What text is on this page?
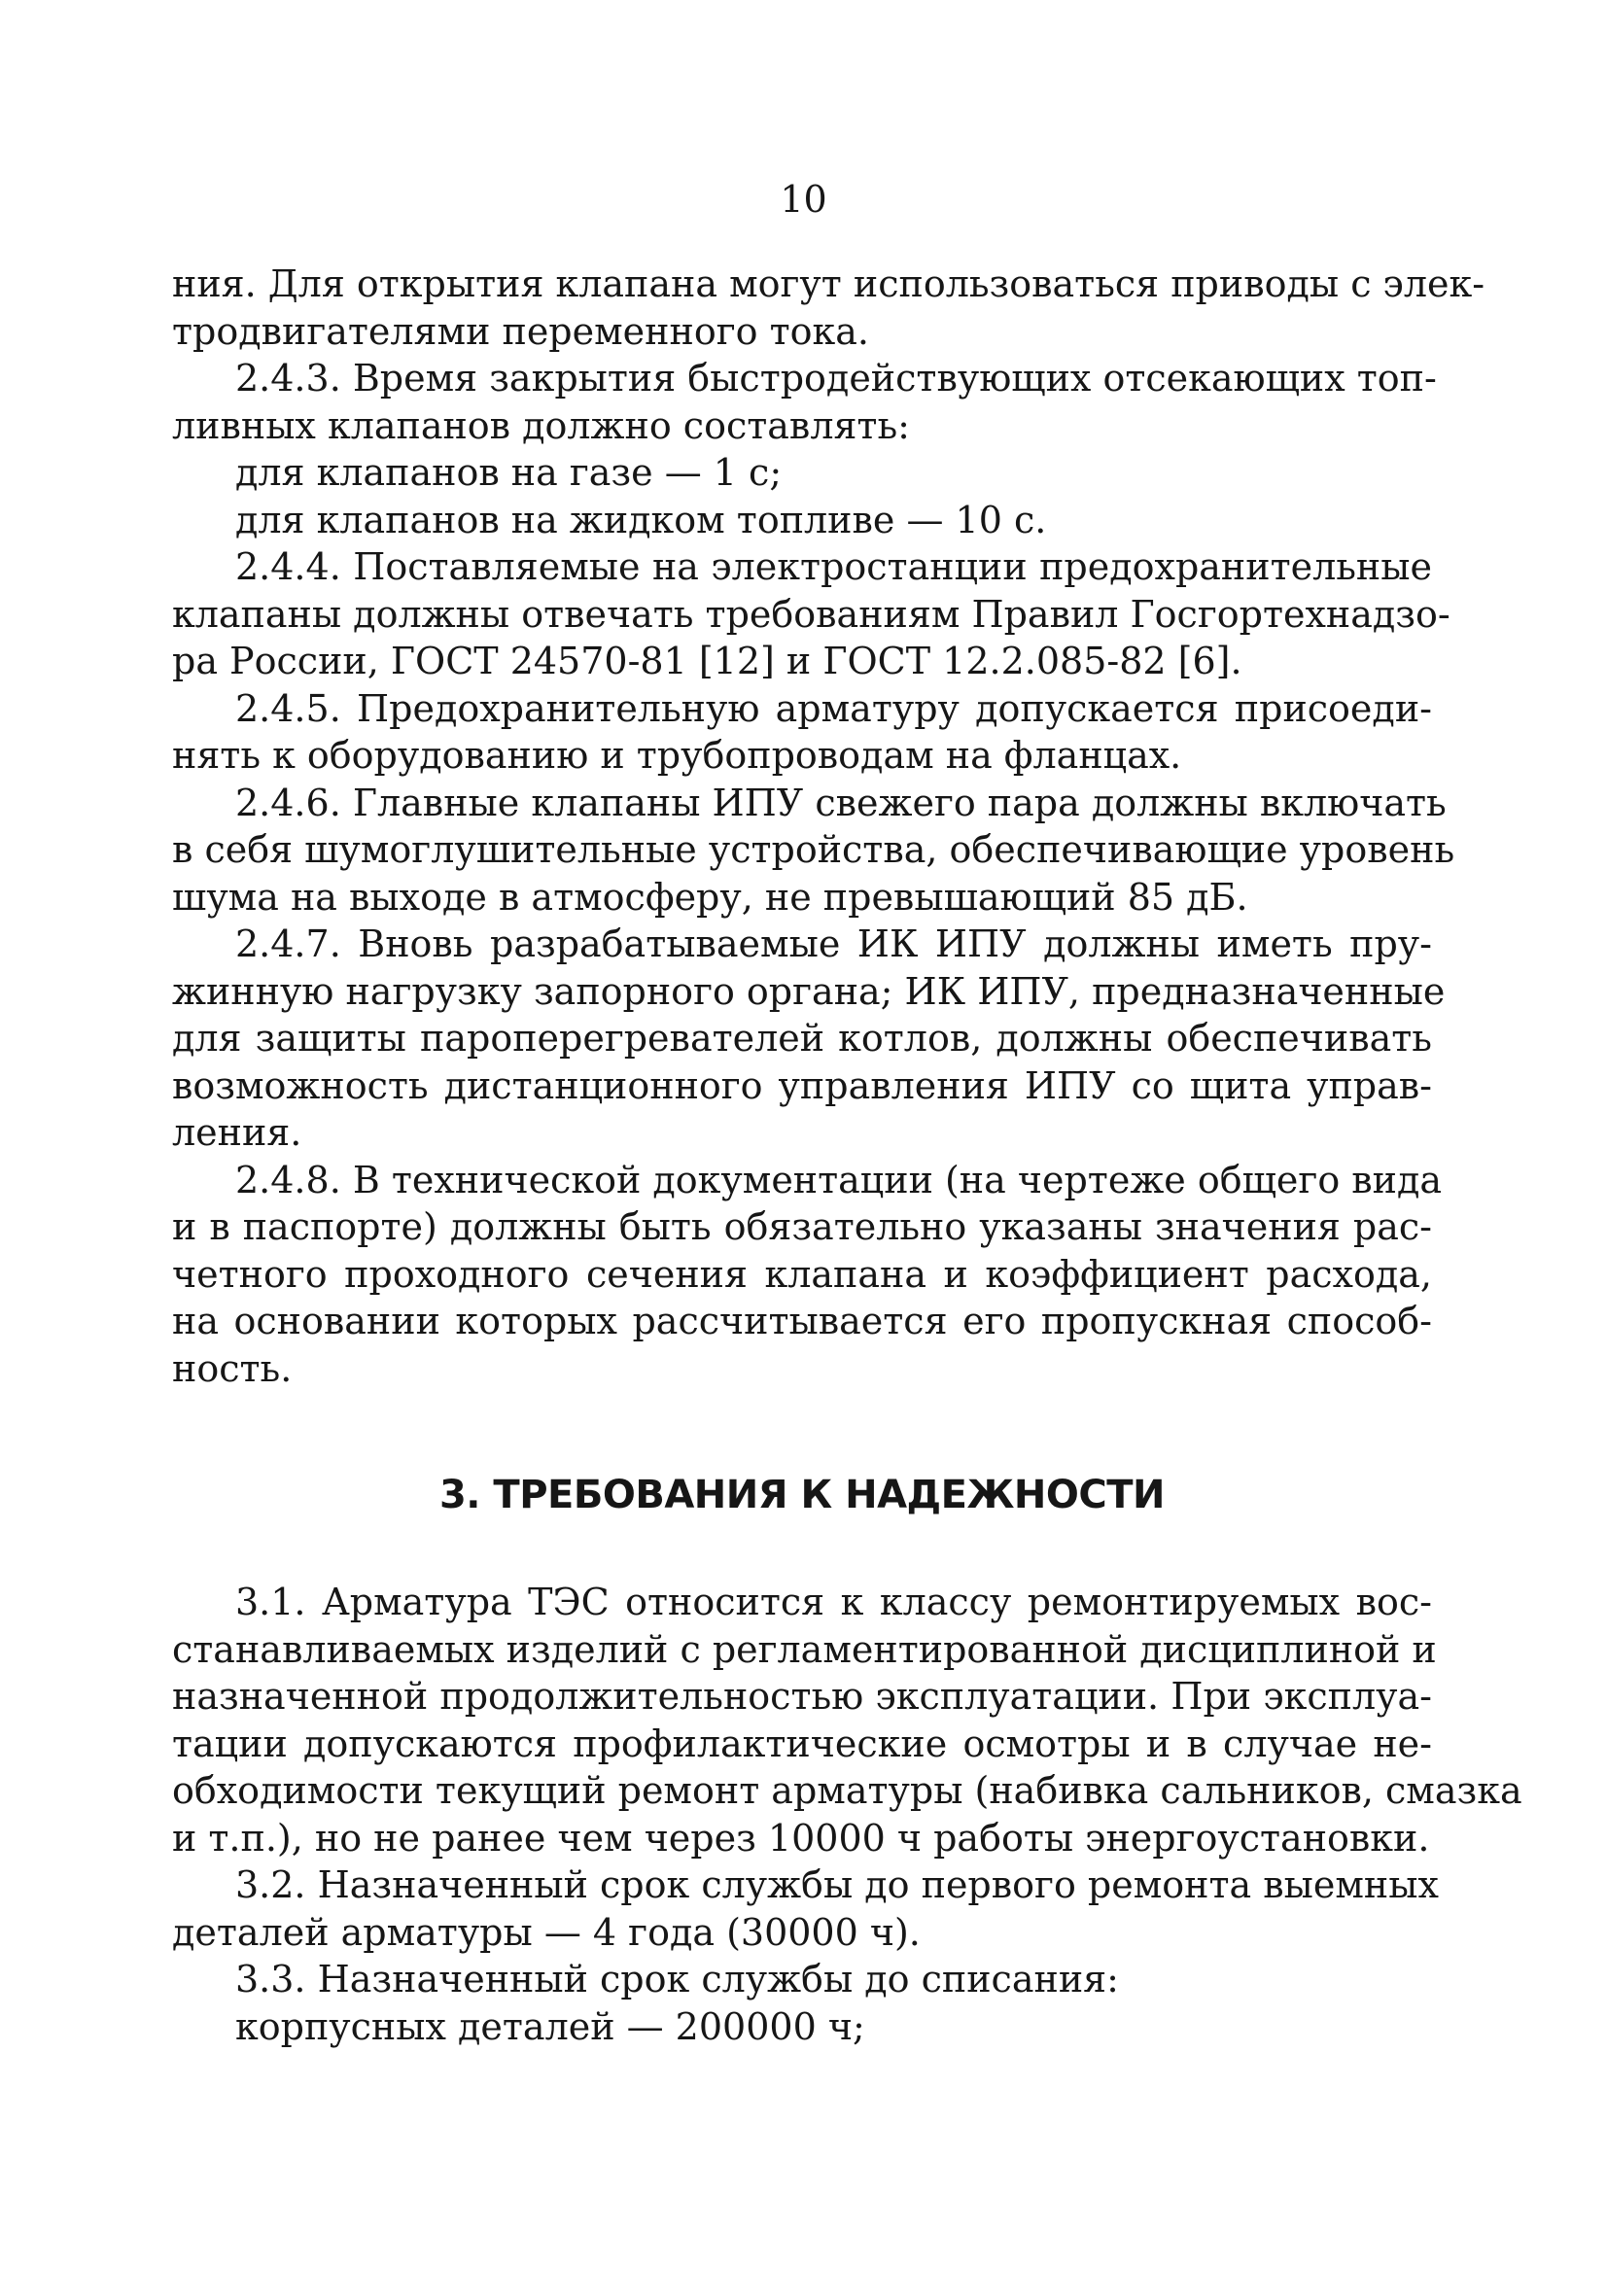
10
ния. Для открытия клапана могут использоваться приводы с элек-
тродвигателями переменного тока.
2.4.3. Время закрытия быстродействующих отсекающих топ-
ливных клапанов должно составлять:
для клапанов на газе — 1 с;
для клапанов на жидком топливе — 10 с.
2.4.4. Поставляемые на электростанции предохранительные
клапаны должны отвечать требованиям Правил Госгортехнадзо-
ра России, ГОСТ 24570-81 [12] и ГОСТ 12.2.085-82 [6].
2.4.5. Предохранительную арматуру допускается присоеди-
нять к оборудованию и трубопроводам на фланцах.
2.4.6. Главные клапаны ИПУ свежего пара должны включать
в себя шумоглушительные устройства, обеспечивающие уровень
шума на выходе в атмосферу, не превышающий 85 дБ.
2.4.7. Вновь разрабатываемые ИК ИПУ должны иметь пру-
жинную нагрузку запорного органа; ИК ИПУ, предназначенные
для защиты пароперегревателей котлов, должны обеспечивать
возможность дистанционного управления ИПУ со щита управ-
ления.
2.4.8. В технической документации (на чертеже общего вида
и в паспорте) должны быть обязательно указаны значения рас-
четного проходного сечения клапана и коэффициент расхода,
на основании которых рассчитывается его пропускная способ-
ность.
3. ТРЕБОВАНИЯ К НАДЕЖНОСТИ
3.1. Арматура ТЭС относится к классу ремонтируемых вос-
станавливаемых изделий с регламентированной дисциплиной и
назначенной продолжительностью эксплуатации. При эксплуа-
тации допускаются профилактические осмотры и в случае не-
обходимости текущий ремонт арматуры (набивка сальников, смазка
и т.п.), но не ранее чем через 10000 ч работы энергоустановки.
3.2. Назначенный срок службы до первого ремонта выемных
деталей арматуры — 4 года (30000 ч).
3.3. Назначенный срок службы до списания:
корпусных деталей — 200000 ч;
